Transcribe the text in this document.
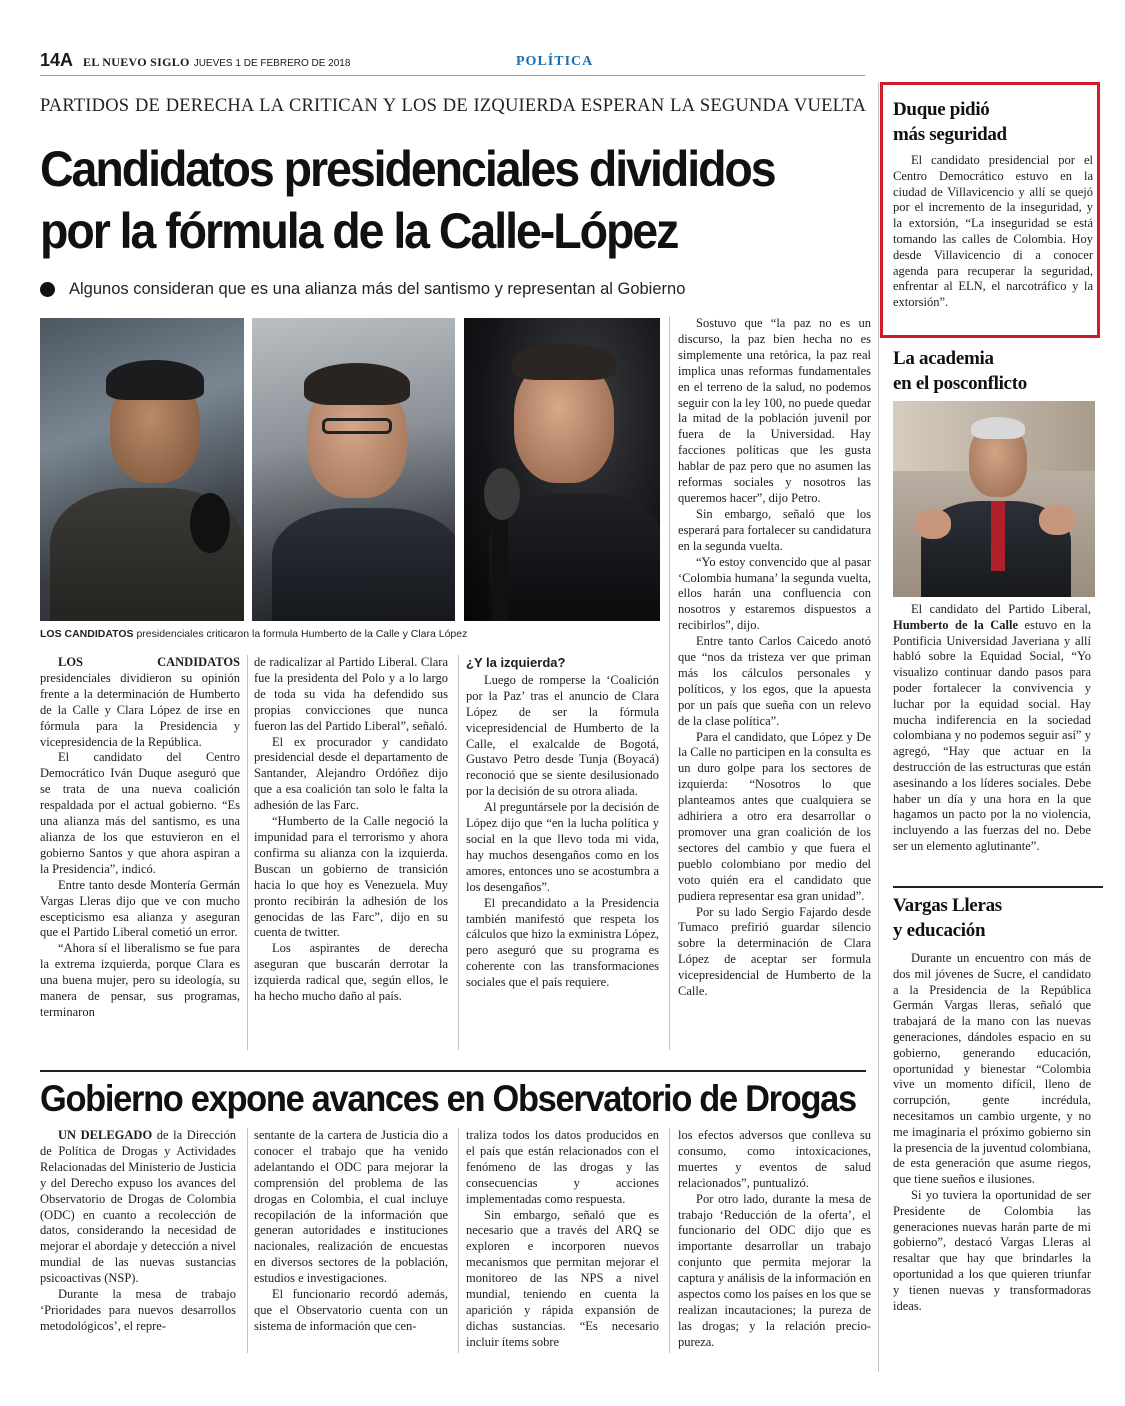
14A EL NUEVO SIGLO JUEVES 1 DE FEBRERO DE 2018	POLÍTICA
PARTIDOS DE DERECHA LA CRITICAN Y LOS DE IZQUIERDA ESPERAN LA SEGUNDA VUELTA
Candidatos presidenciales divididos
por la fórmula de la Calle-López
Algunos consideran que es una alianza más del santismo y representan al Gobierno
LOS CANDIDATOS presidenciales criticaron la formula Humberto de la Calle y Clara López

LOS CANDIDATOS presidenciales dividieron su opinión frente a la determinación de Humberto de la Calle y Clara López de irse en fórmula para la Presidencia y vicepresidencia de la República.

El candidato del Centro Democrático Iván Duque aseguró que se trata de una nueva coalición respaldada por el actual gobierno. “Es una alianza más del santismo, es una alianza de los que estuvieron en el gobierno Santos y que ahora aspiran a la Presidencia”, indicó.

Entre tanto desde Montería Germán Vargas Lleras dijo que ve con mucho escepticismo esa alianza y aseguran que el Partido Liberal cometió un error.

“Ahora sí el liberalismo se fue para la extrema izquierda, porque Clara es una buena mujer, pero su ideología, su manera de pensar, sus programas, terminaron

de radicalizar al Partido Liberal. Clara fue la presidenta del Polo y a lo largo de toda su vida ha defendido sus propias convicciones que nunca fueron las del Partido Liberal”, señaló.

El ex procurador y candidato presidencial desde el departamento de Santander, Alejandro Ordóñez dijo que a esa coalición tan solo le falta la adhesión de las Farc.

“Humberto de la Calle negoció la impunidad para el terrorismo y ahora confirma su alianza con la izquierda. Buscan un gobierno de transición hacia lo que hoy es Venezuela. Muy pronto recibirán la adhesión de los genocidas de las Farc”, dijo en su cuenta de twitter.

Los aspirantes de derecha aseguran que buscarán derrotar la izquierda radical que, según ellos, le ha hecho mucho daño al país.

¿Y la izquierda?

Luego de romperse la ‘Coalición por la Paz’ tras el anuncio de Clara López de ser la fórmula vicepresidencial de Humberto de la Calle, el exalcalde de Bogotá, Gustavo Petro desde Tunja (Boyacá) reconoció que se siente desilusionado por la decisión de su otrora aliada.

Al preguntársele por la decisión de López dijo que “en la lucha política y social en la que llevo toda mi vida, hay muchos desengaños como en los amores, entonces uno se acostumbra a los desengaños”.

El precandidato a la Presidencia también manifestó que respeta los cálculos que hizo la exministra López, pero aseguró que su programa es coherente con las transformaciones sociales que el país requiere.

Sostuvo que “la paz no es un discurso, la paz bien hecha no es simplemente una retórica, la paz real implica unas reformas fundamentales en el terreno de la salud, no podemos seguir con la ley 100, no puede quedar la mitad de la población juvenil por fuera de la Universidad. Hay facciones políticas que les gusta hablar de paz pero que no asumen las reformas sociales y nosotros las queremos hacer”, dijo Petro.

Sin embargo, señaló que los esperará para fortalecer su candidatura en la segunda vuelta.

“Yo estoy convencido que al pasar ‘Colombia humana’ la segunda vuelta, ellos harán una confluencia con nosotros y estaremos dispuestos a recibirlos”, dijo.

Entre tanto Carlos Caicedo anotó que “nos da tristeza ver que priman más los cálculos personales y políticos, y los egos, que la apuesta por un país que sueña con un relevo de la clase política”.

Para el candidato, que López y De la Calle no participen en la consulta es un duro golpe para los sectores de izquierda: “Nosotros lo que planteamos antes que cualquiera se adhiriera a otro era desarrollar o promover una gran coalición de los sectores del cambio y que fuera el pueblo colombiano por medio del voto quién era el candidato que pudiera representar esa gran unidad”.

Por su lado Sergio Fajardo desde Tumaco prefirió guardar silencio sobre la determinación de Clara López de aceptar ser formula vicepresidencial de Humberto de la Calle.

Gobierno expone avances en Observatorio de Drogas

UN DELEGADO de la Dirección de Política de Drogas y Actividades Relacionadas del Ministerio de Justicia y del Derecho expuso los avances del Observatorio de Drogas de Colombia (ODC) en cuanto a recolección de datos, considerando la necesidad de mejorar el abordaje y detección a nivel mundial de las nuevas sustancias psicoactivas (NSP).

Durante la mesa de trabajo ‘Prioridades para nuevos desarrollos metodológicos’, el repre-

sentante de la cartera de Justicia dio a conocer el trabajo que ha venido adelantando el ODC para mejorar la comprensión del problema de las drogas en Colombia, el cual incluye recopilación de la información que generan autoridades e instituciones nacionales, realización de encuestas en diversos sectores de la población, estudios e investigaciones.

El funcionario recordó además, que el Observatorio cuenta con un sistema de información que cen-

traliza todos los datos producidos en el país que están relacionados con el fenómeno de las drogas y las consecuencias y acciones implementadas como respuesta.

Sin embargo, señaló que es necesario que a través del ARQ se exploren e incorporen nuevos mecanismos que permitan mejorar el monitoreo de las NPS a nivel mundial, teniendo en cuenta la aparición y rápida expansión de dichas sustancias. “Es necesario incluir ítems sobre

los efectos adversos que conlleva su consumo, como intoxicaciones, muertes y eventos de salud relacionados”, puntualizó.

Por otro lado, durante la mesa de trabajo ‘Reducción de la oferta’, el funcionario del ODC dijo que es importante desarrollar un trabajo conjunto que permita mejorar la captura y análisis de la información en aspectos como los países en los que se realizan incautaciones; la pureza de las drogas; y la relación precio-pureza.

Duque pidió
más seguridad

El candidato presidencial por el Centro Democrático estuvo en la ciudad de Villavicencio y allí se quejó por el incremento de la inseguridad, y la extorsión, “La inseguridad se está tomando las calles de Colombia. Hoy desde Villavicencio di a conocer agenda para recuperar la seguridad, enfrentar al ELN, el narcotráfico y la extorsión”.

La academia
en el posconflicto

El candidato del Partido Liberal, Humberto de la Calle estuvo en la Pontificia Universidad Javeriana y allí habló sobre la Equidad Social, “Yo visualizo continuar dando pasos para poder fortalecer la convivencia y luchar por la equidad social. Hay mucha indiferencia en la sociedad colombiana y no podemos seguir así” y agregó, “Hay que actuar en la destrucción de las estructuras que están asesinando a los líderes sociales. Debe haber un día y una hora en la que hagamos un pacto por la no violencia, incluyendo a las fuerzas del no. Debe ser un elemento aglutinante”.

Vargas Lleras
y educación

Durante un encuentro con más de dos mil jóvenes de Sucre, el candidato a la Presidencia de la República Germán Vargas lleras, señaló que trabajará de la mano con las nuevas generaciones, dándoles espacio en su gobierno, generando educación, oportunidad y bienestar “Colombia vive un momento difícil, lleno de corrupción, gente incrédula, necesitamos un cambio urgente, y no me imaginaria el próximo gobierno sin la presencia de la juventud colombiana, de esta generación que asume riegos, que tiene sueños e ilusiones.

Si yo tuviera la oportunidad de ser Presidente de Colombia las generaciones nuevas harán parte de mi gobierno”, destacó Vargas Lleras al resaltar que hay que brindarles la oportunidad a los que quieren triunfar y tienen nuevas y transformadoras ideas.
